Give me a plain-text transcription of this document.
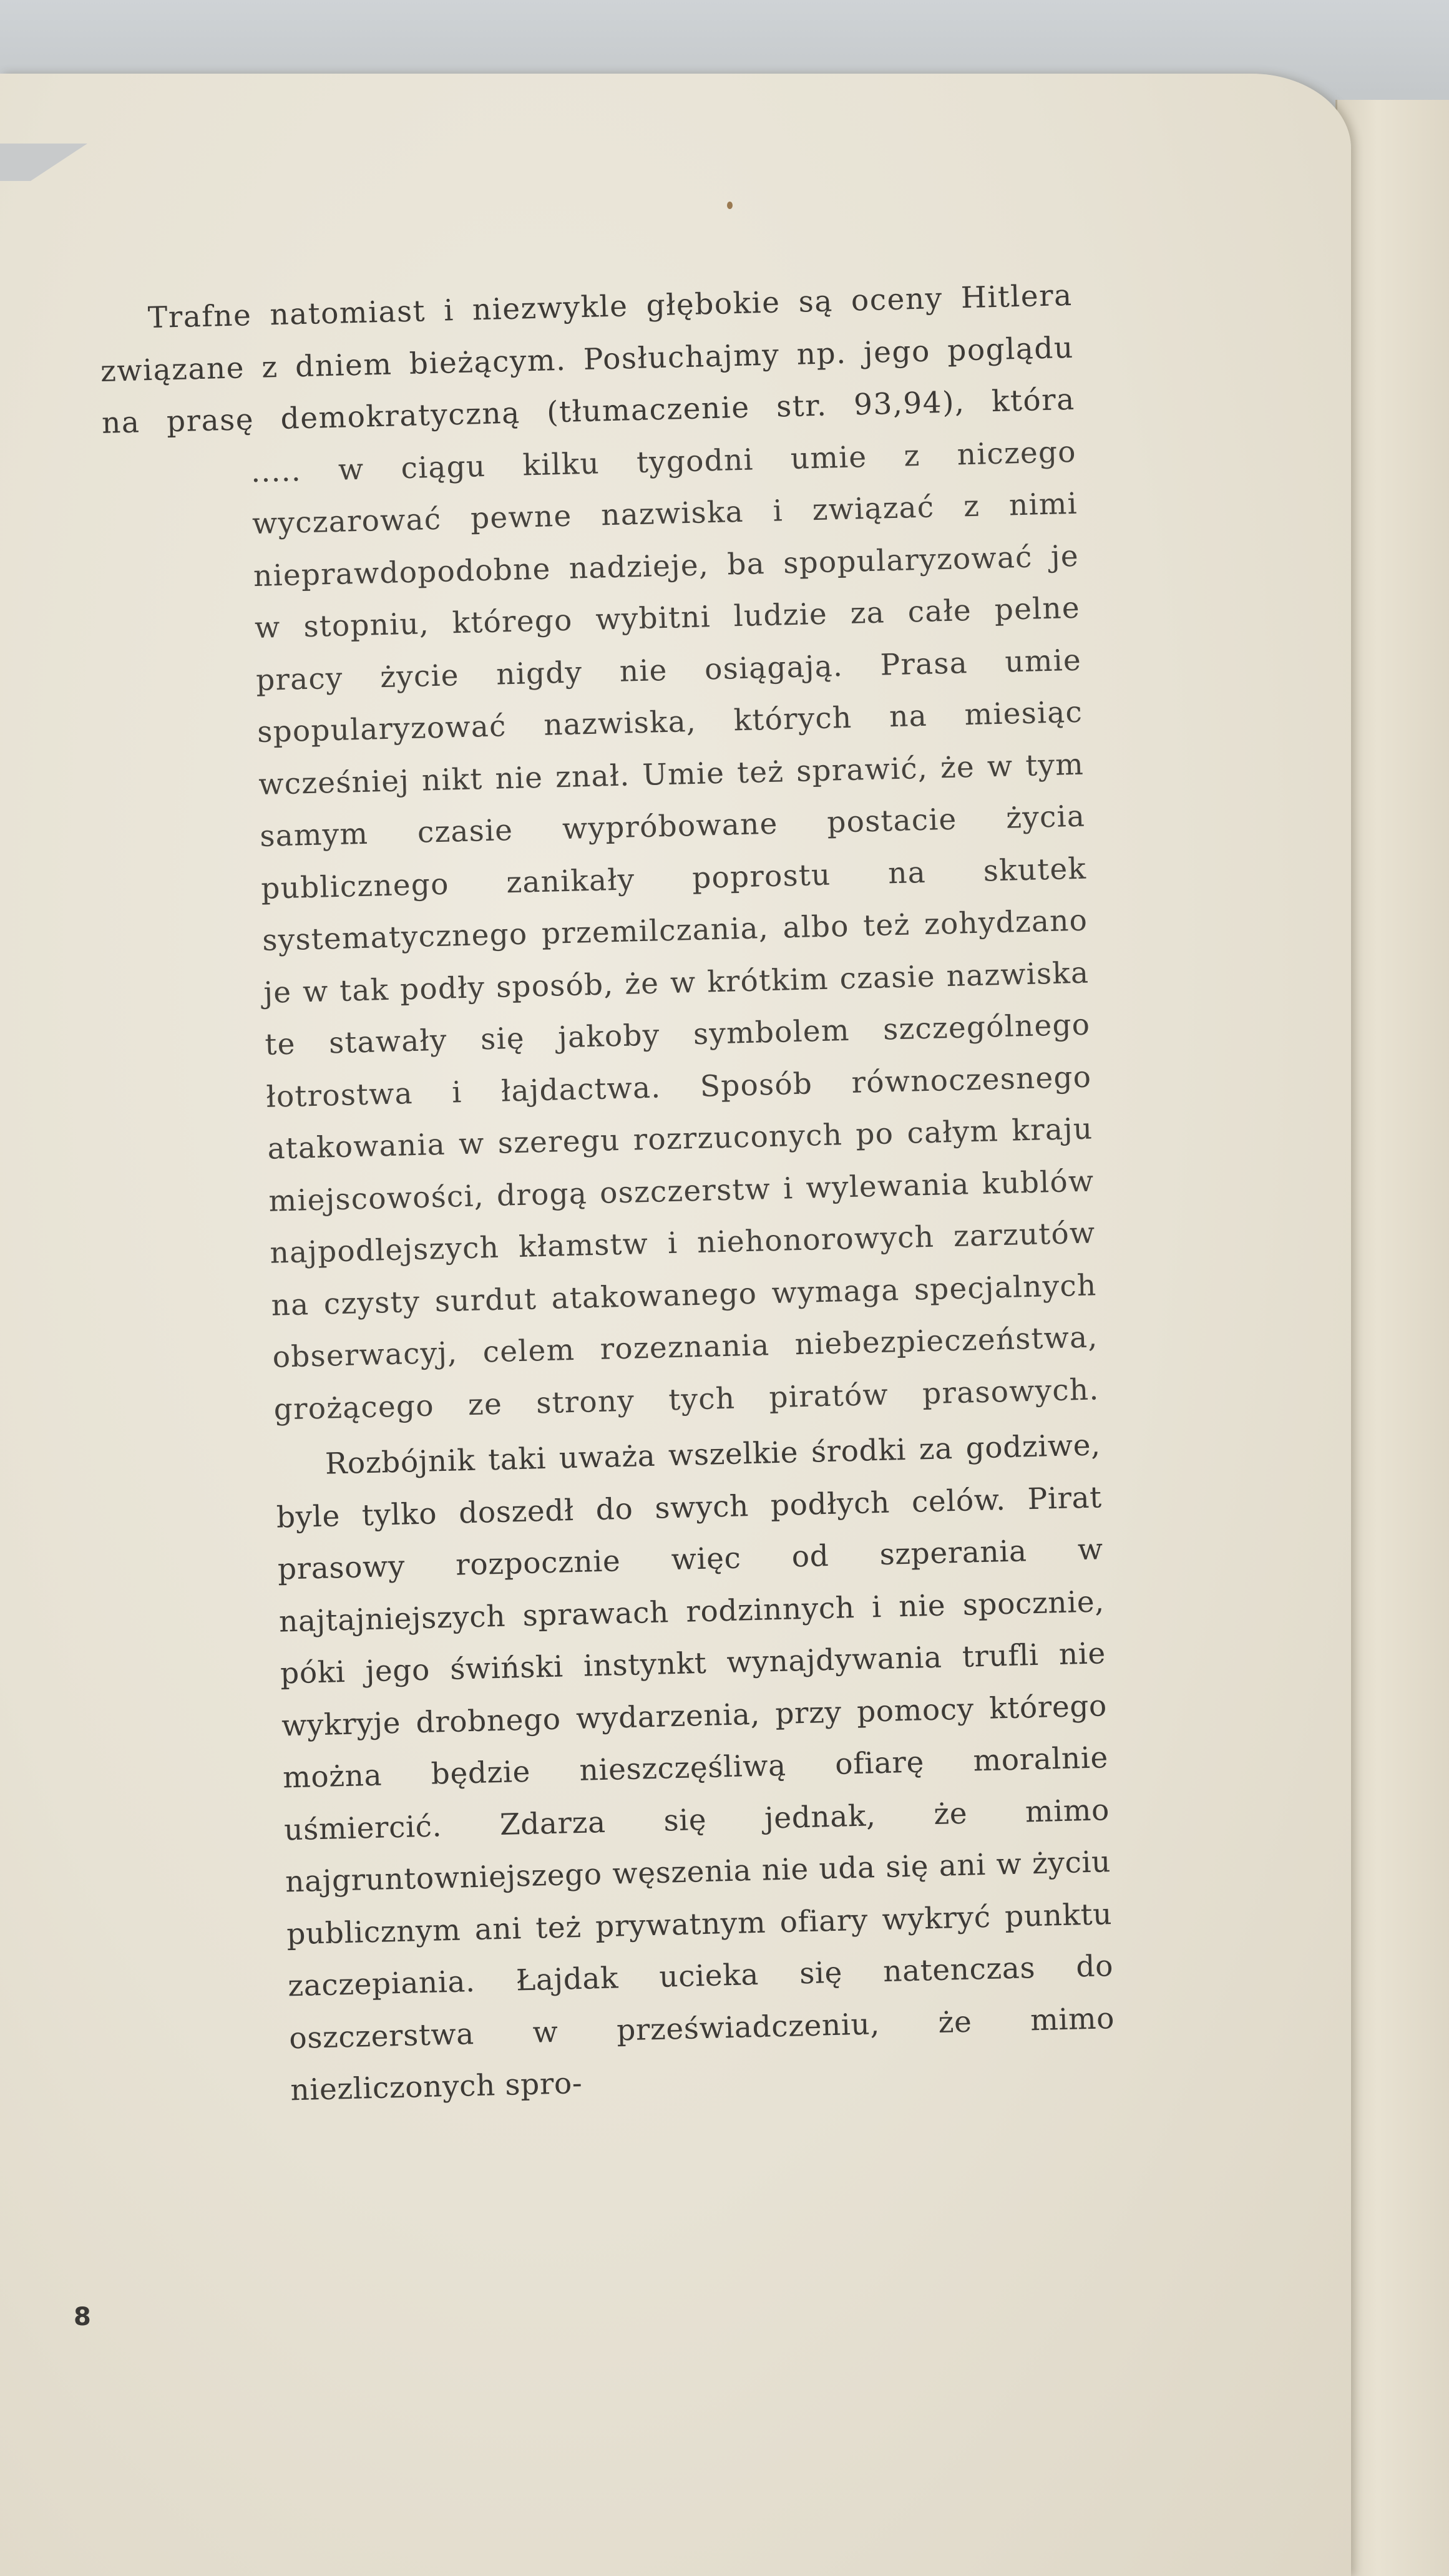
Trafne natomiast i niezwykle głębokie są oceny Hitlera związane z dniem bieżącym. Posłuchajmy np. jego poglądu na prasę demokratyczną (tłumaczenie str. 93,94), która

..... w ciągu kilku tygodni umie z niczego wyczarować pewne nazwiska i związać z nimi nieprawdopodobne nadzieje, ba spopularyzować je w stopniu, którego wybitni ludzie za całe pelne pracy życie nigdy nie osiągają. Prasa umie spopularyzować nazwiska, których na miesiąc wcześniej nikt nie znał. Umie też sprawić, że w tym samym czasie wypróbowane postacie życia publicznego zanikały poprostu na skutek systematycznego przemilczania, albo też zohydzano je w tak podły sposób, że w krótkim czasie nazwiska te stawały się jakoby symbolem szczególnego łotrostwa i łajdactwa. Sposób równoczesnego atakowania w szeregu rozrzuconych po całym kraju miejscowości, drogą oszczerstw i wylewania kublów najpodlejszych kłamstw i niehonorowych zarzutów na czysty surdut atakowanego wymaga specjalnych obserwacyj, celem rozeznania niebezpieczeństwa, grożącego ze strony tych piratów prasowych.

Rozbójnik taki uważa wszelkie środki za godziwe, byle tylko doszedł do swych podłych celów. Pirat prasowy rozpocznie więc od szperania w najtajniejszych sprawach rodzinnych i nie spocznie, póki jego świński instynkt wynajdywania trufli nie wykryje drobnego wydarzenia, przy pomocy którego można będzie nieszczęśliwą ofiarę moralnie uśmiercić. Zdarza się jednak, że mimo najgruntowniejszego węszenia nie uda się ani w życiu publicznym ani też prywatnym ofiary wykryć punktu zaczepiania. Łajdak ucieka się natenczas do oszczerstwa w przeświadczeniu, że mimo niezliczonych spro-

8
